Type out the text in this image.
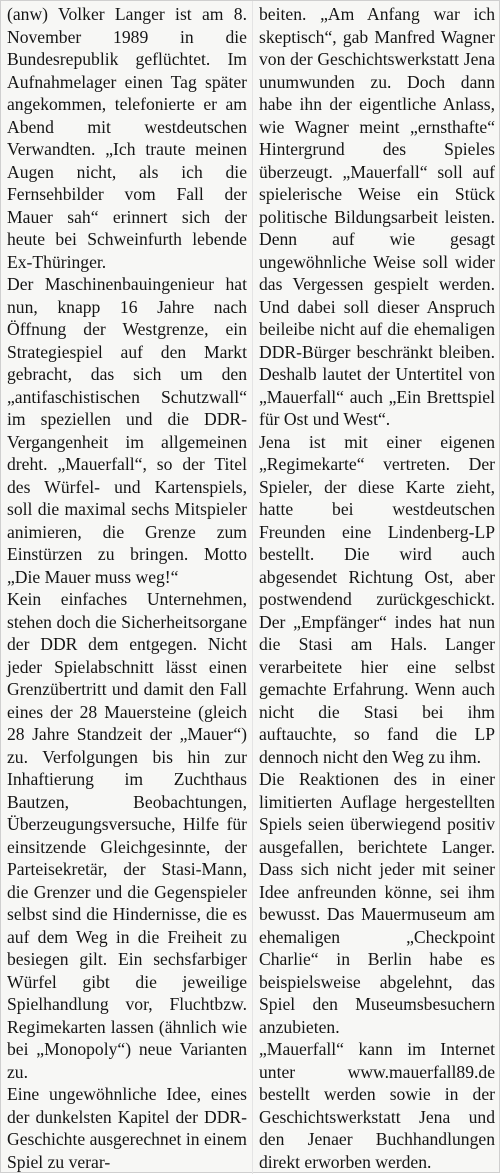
(anw) Volker Langer ist am 8. November 1989 in die Bundesrepublik geflüchtet. Im Aufnahmelager einen Tag später angekommen, telefonierte er am Abend mit westdeutschen Verwandten. „Ich traute meinen Augen nicht, als ich die Fernsehbilder vom Fall der Mauer sah“ erinnert sich der heute bei Schweinfurth lebende Ex-Thüringer.

Der Maschinenbauingenieur hat nun, knapp 16 Jahre nach Öffnung der Westgrenze, ein Strategiespiel auf den Markt gebracht, das sich um den „antifaschistischen Schutzwall“ im speziellen und die DDR-Vergangenheit im allgemeinen dreht. „Mauerfall“, so der Titel des Würfel- und Kartenspiels, soll die maximal sechs Mitspieler animieren, die Grenze zum Einstürzen zu bringen. Motto „Die Mauer muss weg!“

Kein einfaches Unternehmen, stehen doch die Sicherheitsorgane der DDR dem entgegen. Nicht jeder Spielabschnitt lässt einen Grenzübertritt und damit den Fall eines der 28 Mauersteine (gleich 28 Jahre Standzeit der „Mauer“) zu. Verfolgungen bis hin zur Inhaftierung im Zuchthaus Bautzen, Beobachtungen, Überzeugungsversuche, Hilfe für einsitzende Gleichgesinnte, der Parteisekretär, der Stasi-Mann, die Grenzer und die Gegenspieler selbst sind die Hindernisse, die es auf dem Weg in die Freiheit zu besiegen gilt. Ein sechsfarbiger Würfel gibt die jeweilige Spielhandlung vor, Fluchtbzw. Regimekarten lassen (ähnlich wie bei „Monopoly“) neue Varianten zu.

Eine ungewöhnliche Idee, eines der dunkelsten Kapitel der DDR-Geschichte ausgerechnet in einem Spiel zu verar-

beiten. „Am Anfang war ich skeptisch“, gab Manfred Wagner von der Geschichtswerkstatt Jena unumwunden zu. Doch dann habe ihn der eigentliche Anlass, wie Wagner meint „ernsthafte“ Hintergrund des Spieles überzeugt. „Mauerfall“ soll auf spielerische Weise ein Stück politische Bildungsarbeit leisten. Denn auf wie gesagt ungewöhnliche Weise soll wider das Vergessen gespielt werden. Und dabei soll dieser Anspruch beileibe nicht auf die ehemaligen DDR-Bürger beschränkt bleiben. Deshalb lautet der Untertitel von „Mauerfall“ auch „Ein Brettspiel für Ost und West“.

Jena ist mit einer eigenen „Regimekarte“ vertreten. Der Spieler, der diese Karte zieht, hatte bei westdeutschen Freunden eine Lindenberg-LP bestellt. Die wird auch abgesendet Richtung Ost, aber postwendend zurückgeschickt. Der „Empfänger“ indes hat nun die Stasi am Hals. Langer verarbeitete hier eine selbst gemachte Erfahrung. Wenn auch nicht die Stasi bei ihm auftauchte, so fand die LP dennoch nicht den Weg zu ihm.

Die Reaktionen des in einer limitierten Auflage hergestellten Spiels seien überwiegend positiv ausgefallen, berichtete Langer. Dass sich nicht jeder mit seiner Idee anfreunden könne, sei ihm bewusst. Das Mauermuseum am ehemaligen „Checkpoint Charlie“ in Berlin habe es beispielsweise abgelehnt, das Spiel den Museumsbesuchern anzubieten.

„Mauerfall“ kann im Internet unter www.mauerfall89.de bestellt werden sowie in der Geschichtswerkstatt Jena und den Jenaer Buchhandlungen direkt erworben werden.
